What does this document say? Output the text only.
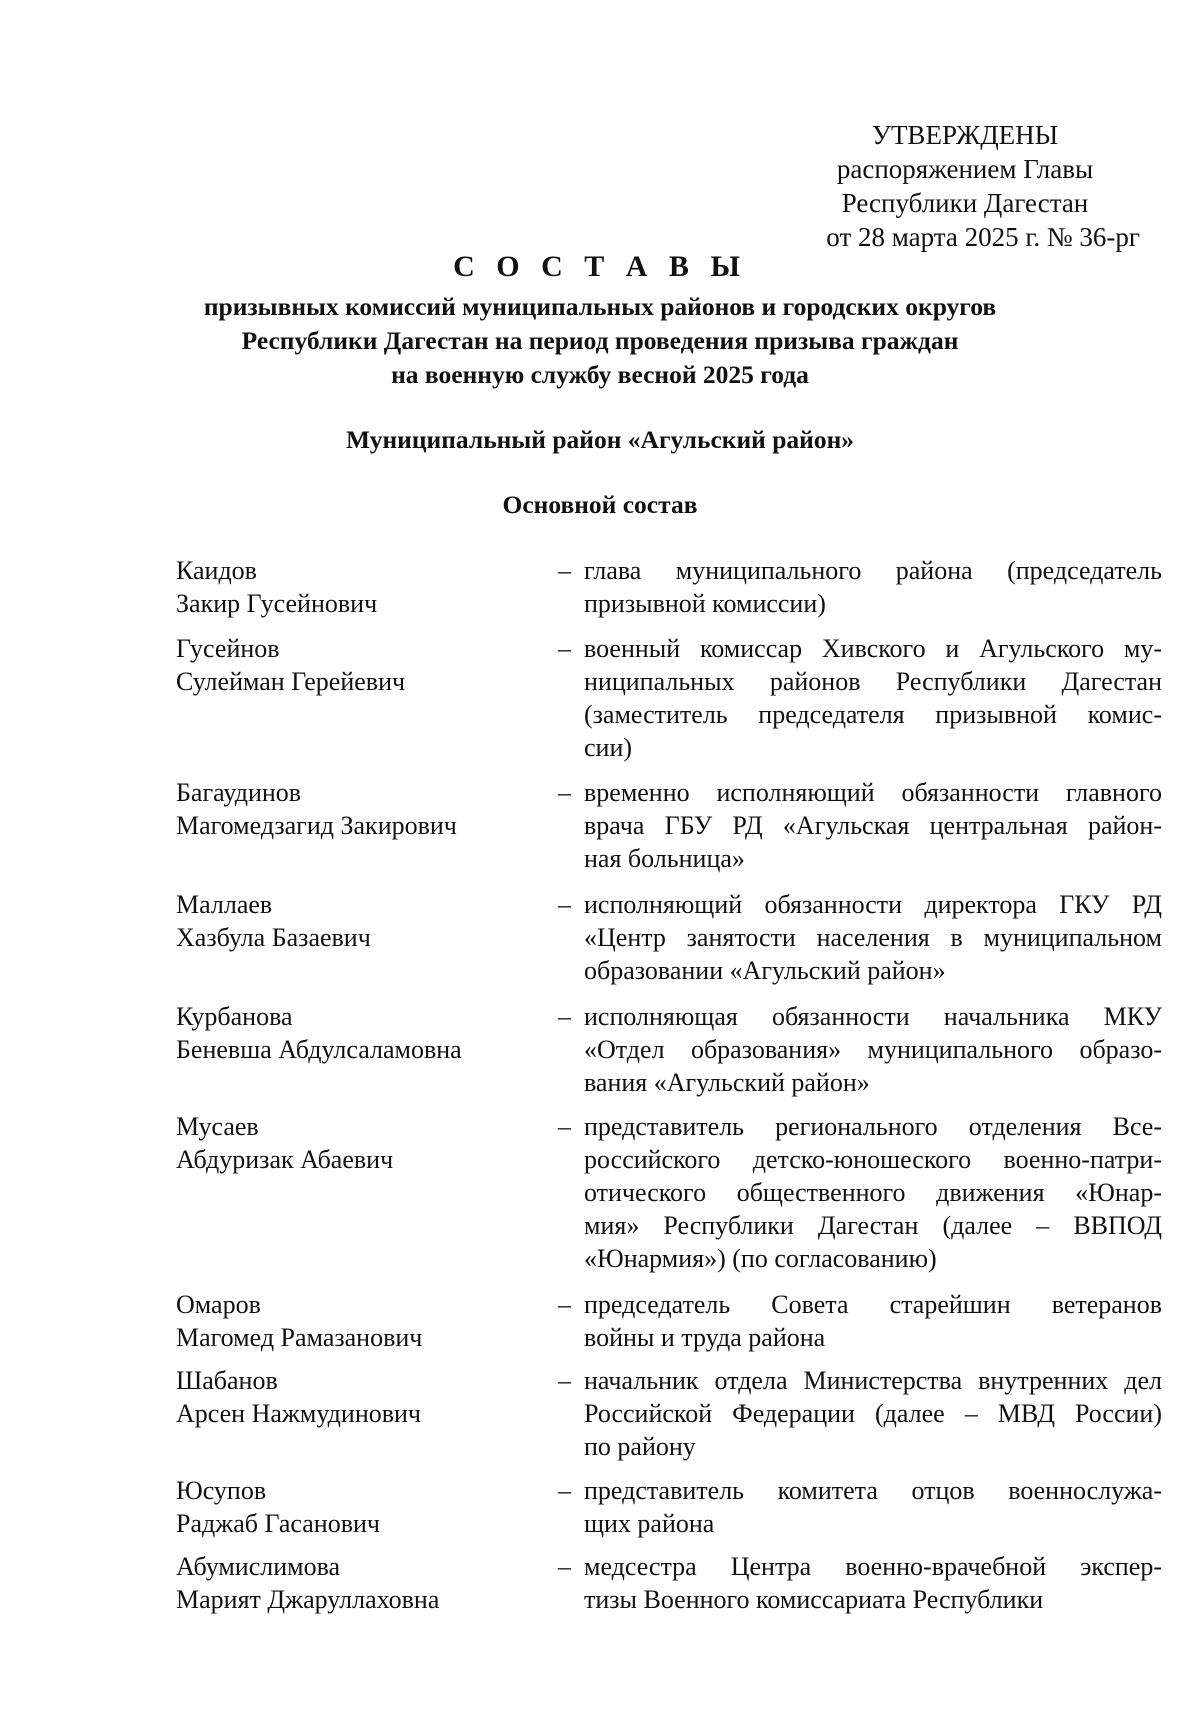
УТВЕРЖДЕНЫ
распоряжением Главы
Республики Дагестан
от 28 марта 2025 г. № 36-рг
С О С Т А В Ы
призывных комиссий муниципальных районов и городских округов
Республики Дагестан на период проведения призыва граждан
на военную службу весной 2025 года
Муниципальный район «Агульский район»
Основной состав
Каидов
Закир Гусейнович
– глава муниципального района (председатель
призывной комиссии)
Гусейнов
Сулейман Герейевич
– военный комиссар Хивского и Агульского му-
ниципальных районов Республики Дагестан
(заместитель председателя призывной комис-
сии)
Багаудинов
Магомедзагид Закирович
– временно исполняющий обязанности главного
врача ГБУ РД «Агульская центральная район-
ная больница»
Маллаев
Хазбула Базаевич
– исполняющий обязанности директора ГКУ РД
«Центр занятости населения в муниципальном
образовании «Агульский район»
Курбанова
Беневша Абдулсаламовна
– исполняющая обязанности начальника МКУ
«Отдел образования» муниципального образо-
вания «Агульский район»
Мусаев
Абдуризак Абаевич
– представитель регионального отделения Все-
российского детско-юношеского военно-патри-
отического общественного движения «Юнар-
мия» Республики Дагестан (далее – ВВПОД
«Юнармия») (по согласованию)
Омаров
Магомед Рамазанович
– председатель Совета старейшин ветеранов
войны и труда района
Шабанов
Арсен Нажмудинович
– начальник отдела Министерства внутренних дел
Российской Федерации (далее – МВД России)
по району
Юсупов
Раджаб Гасанович
– представитель комитета отцов военнослужа-
щих района
Абумислимова
Марият Джаруллаховна
– медсестра Центра военно-врачебной экспер-
тизы Военного комиссариата Республики
